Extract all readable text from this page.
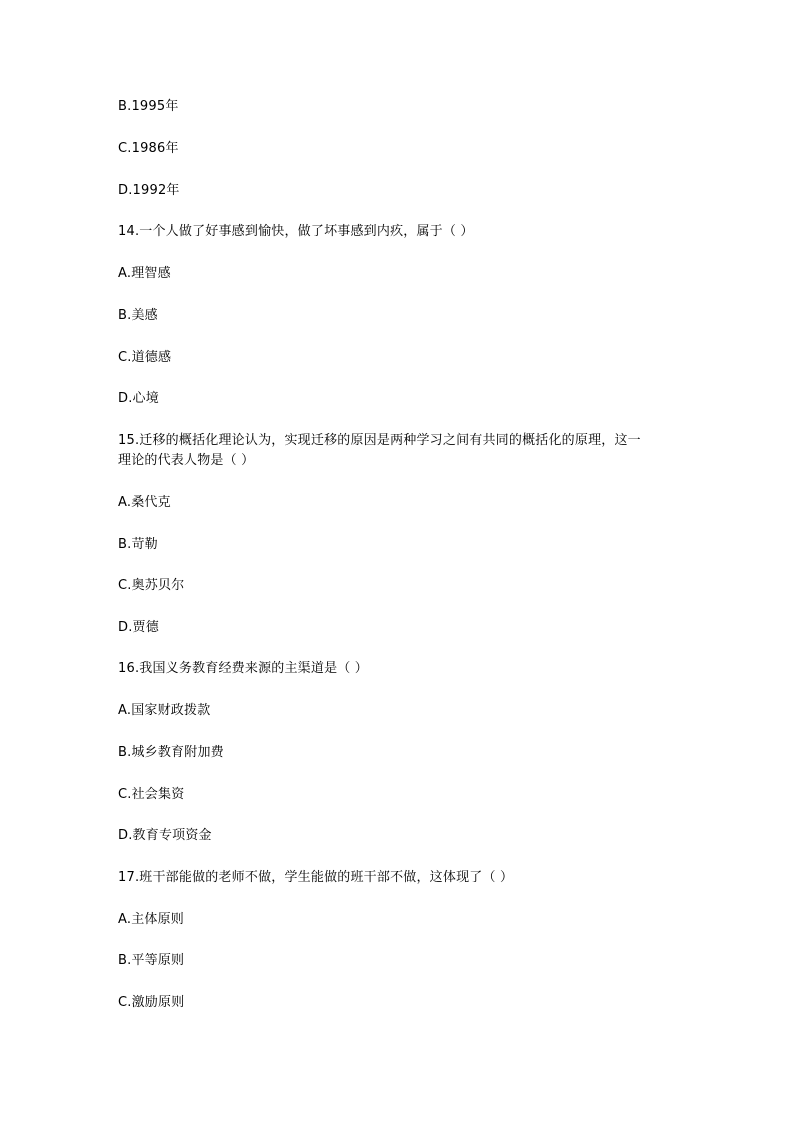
B.1995年
C.1986年
D.1992年
14.一个人做了好事感到愉快，做了坏事感到内疚，属于（ ）
A.理智感
B.美感
C.道德感
D.心境
15.迁移的概括化理论认为，实现迁移的原因是两种学习之间有共同的概括化的原理，这一
理论的代表人物是（ ）
A.桑代克
B.苛勒
C.奥苏贝尔
D.贾德
16.我国义务教育经费来源的主渠道是（ ）
A.国家财政拨款
B.城乡教育附加费
C.社会集资
D.教育专项资金
17.班干部能做的老师不做，学生能做的班干部不做，这体现了（ ）
A.主体原则
B.平等原则
C.激励原则
